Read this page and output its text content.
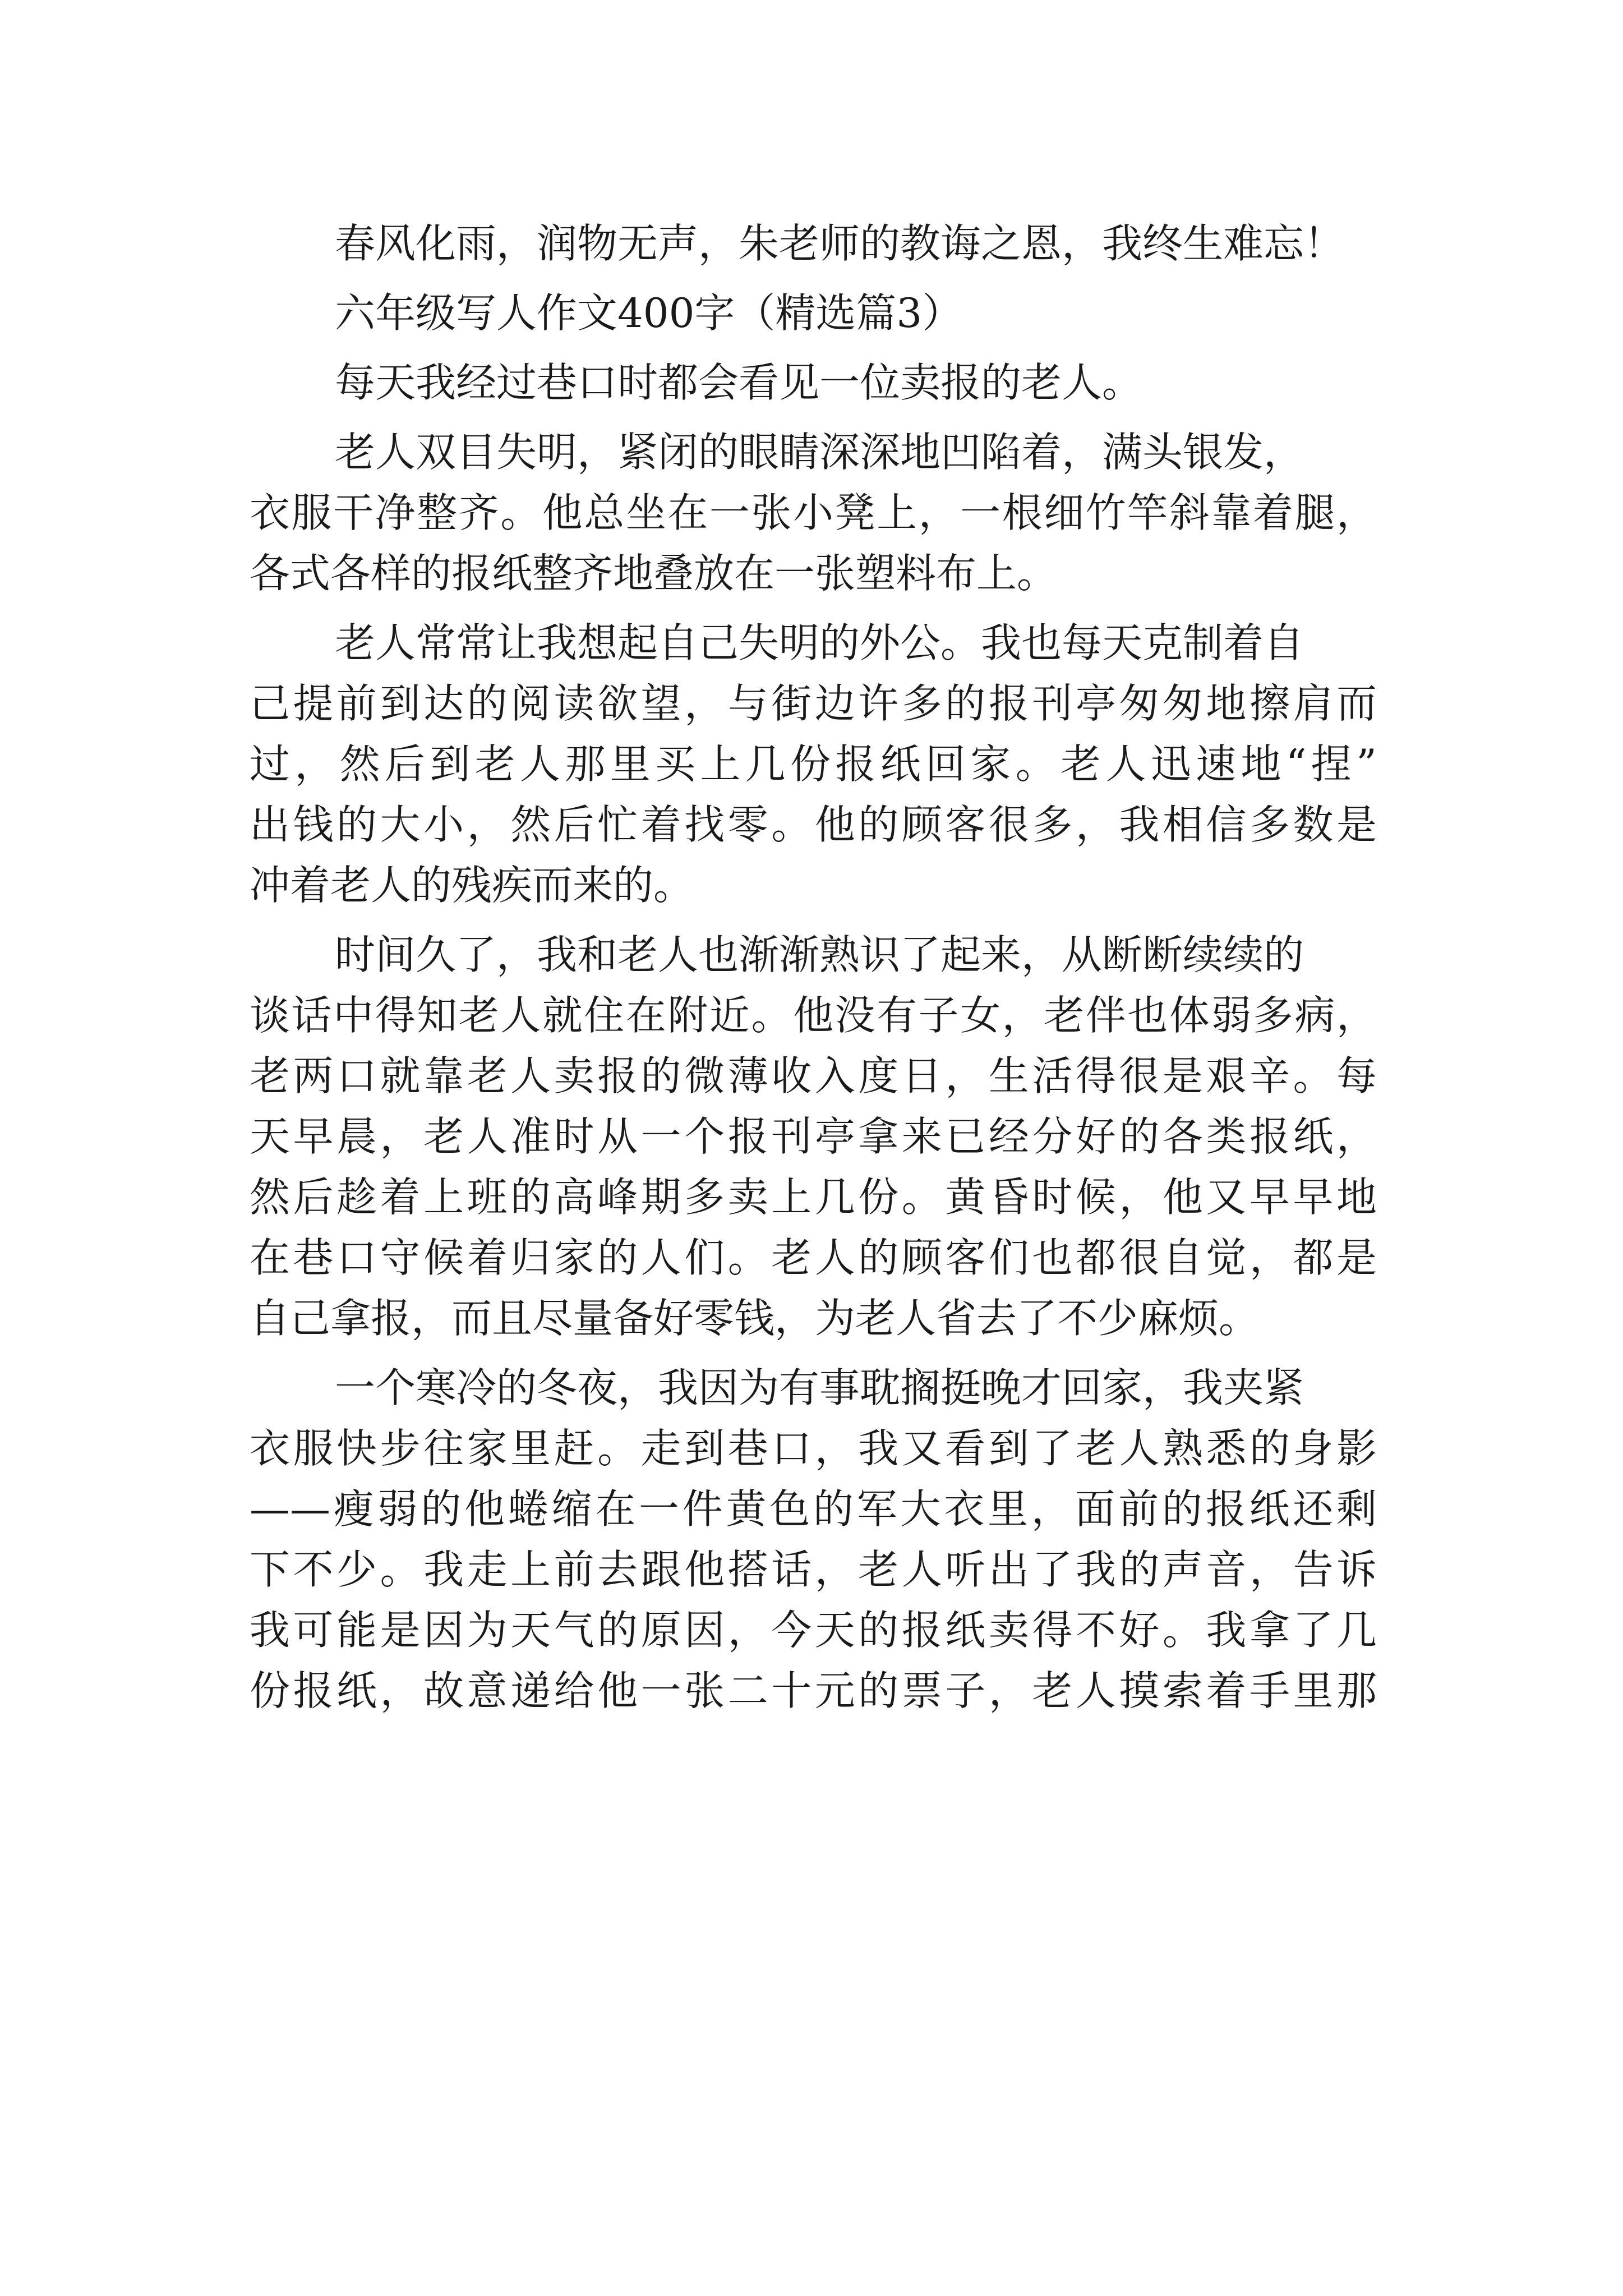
春风化雨，润物无声，朱老师的教诲之恩，我终生难忘！
六年级写人作文400字（精选篇3）
每天我经过巷口时都会看见一位卖报的老人。
老人双目失明，紧闭的眼睛深深地凹陷着，满头银发，
衣服干净整齐。他总坐在一张小凳上，一根细竹竿斜靠着腿，
各式各样的报纸整齐地叠放在一张塑料布上。
老人常常让我想起自己失明的外公。我也每天克制着自
己提前到达的阅读欲望，与街边许多的报刊亭匆匆地擦肩而
过，然后到老人那里买上几份报纸回家。老人迅速地“捏”
出钱的大小，然后忙着找零。他的顾客很多，我相信多数是
冲着老人的残疾而来的。
时间久了，我和老人也渐渐熟识了起来，从断断续续的
谈话中得知老人就住在附近。他没有子女，老伴也体弱多病，
老两口就靠老人卖报的微薄收入度日，生活得很是艰辛。每
天早晨，老人准时从一个报刊亭拿来已经分好的各类报纸，
然后趁着上班的高峰期多卖上几份。黄昏时候，他又早早地
在巷口守候着归家的人们。老人的顾客们也都很自觉，都是
自己拿报，而且尽量备好零钱，为老人省去了不少麻烦。
一个寒冷的冬夜，我因为有事耽搁挺晚才回家，我夹紧
衣服快步往家里赶。走到巷口，我又看到了老人熟悉的身影
——瘦弱的他蜷缩在一件黄色的军大衣里，面前的报纸还剩
下不少。我走上前去跟他搭话，老人听出了我的声音，告诉
我可能是因为天气的原因，今天的报纸卖得不好。我拿了几
份报纸，故意递给他一张二十元的票子，老人摸索着手里那
